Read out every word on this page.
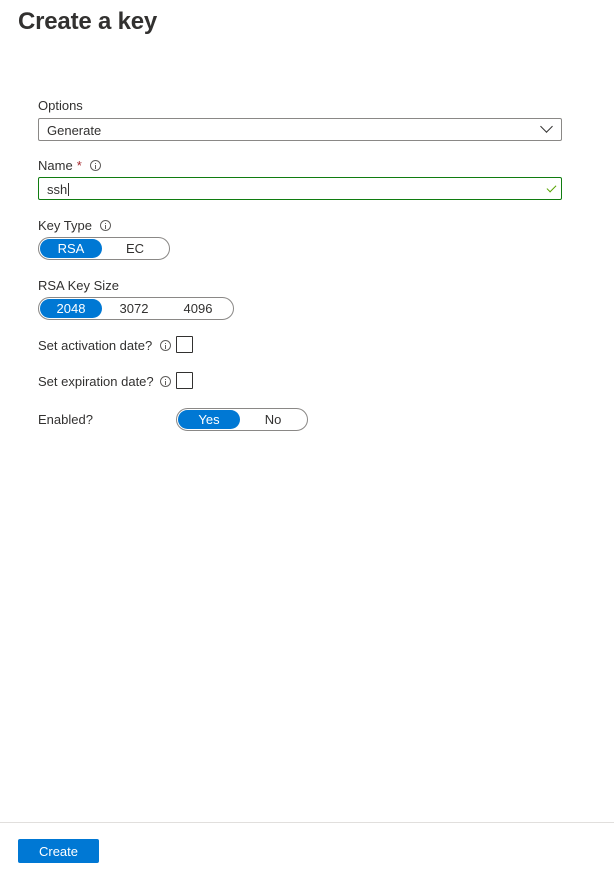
Create a key
Options
Generate
Name *
ssh
Key Type
RSA	EC
RSA Key Size
2048	3072	4096
Set activation date?
Set expiration date?
Enabled?	Yes	No
Create
